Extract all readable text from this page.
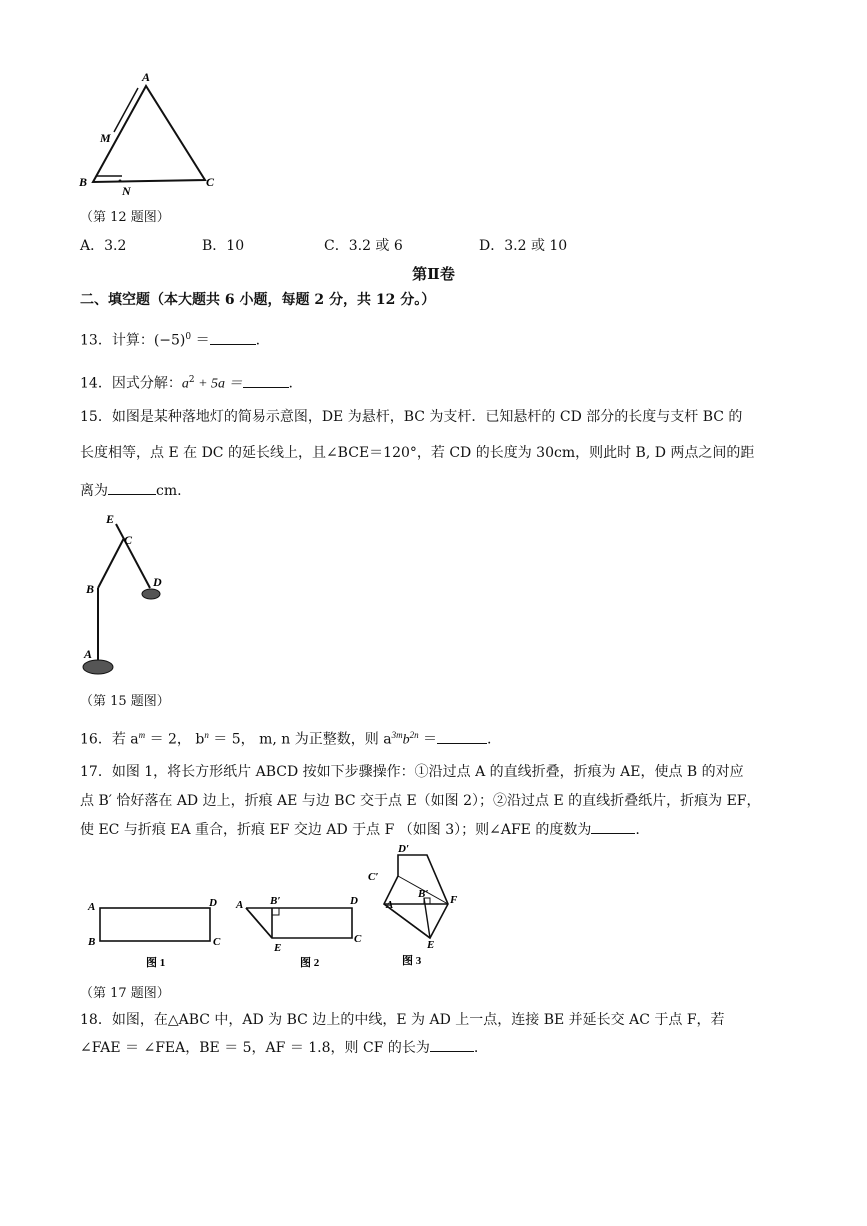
A
M
B	C
N
（第 12 题图）
A．3.2	B．10	C．3.2 或 6	D．3.2 或 10
第Ⅱ卷
二、填空题（本大题共 6 小题，每题 2 分，共 12 分。）
13．计算：$(-5)^0$ ＝	.
14．因式分解：$a^2 + 5a$ ＝	.
15．如图是某种落地灯的简易示意图，DE 为悬杆，BC 为支杆．已知悬杆的 CD 部分的长度与支杆 BC 的
长度相等，点 E 在 DC 的延长线上，且∠BCE＝120°，若 CD 的长度为 30cm，则此时 B, D 两点之间的距
离为	cm.
E
C
B	D
A
（第 15 题图）
16．若 $a^m = 2$， $b^n = 5$， m, n 为正整数，则 $a^{3m}b^{2n}$ ＝	.
17．如图 1，将长方形纸片 ABCD 按如下步骤操作：①沿过点 A 的直线折叠，折痕为 AE，使点 B 的对应
点 B′ 恰好落在 AD 边上，折痕 AE 与边 BC 交于点 E（如图 2）；②沿过点 E 的直线折叠纸片，折痕为 EF，
使 EC 与折痕 EA 重合，折痕 EF 交边 AD 于点 F （如图 3）；则∠AFE 的度数为	.
A	D
B	C
图 1
A B′	D
E
C
图 2
D′
C′
A
B′ F
E
图 3
（第 17 题图）
18．如图，在△ABC 中，AD 为 BC 边上的中线，E 为 AD 上一点，连接 BE 并延长交 AC 于点 F，若
∠FAE ＝ ∠FEA，BE ＝ 5，AF ＝ 1.8，则 CF 的长为	.
